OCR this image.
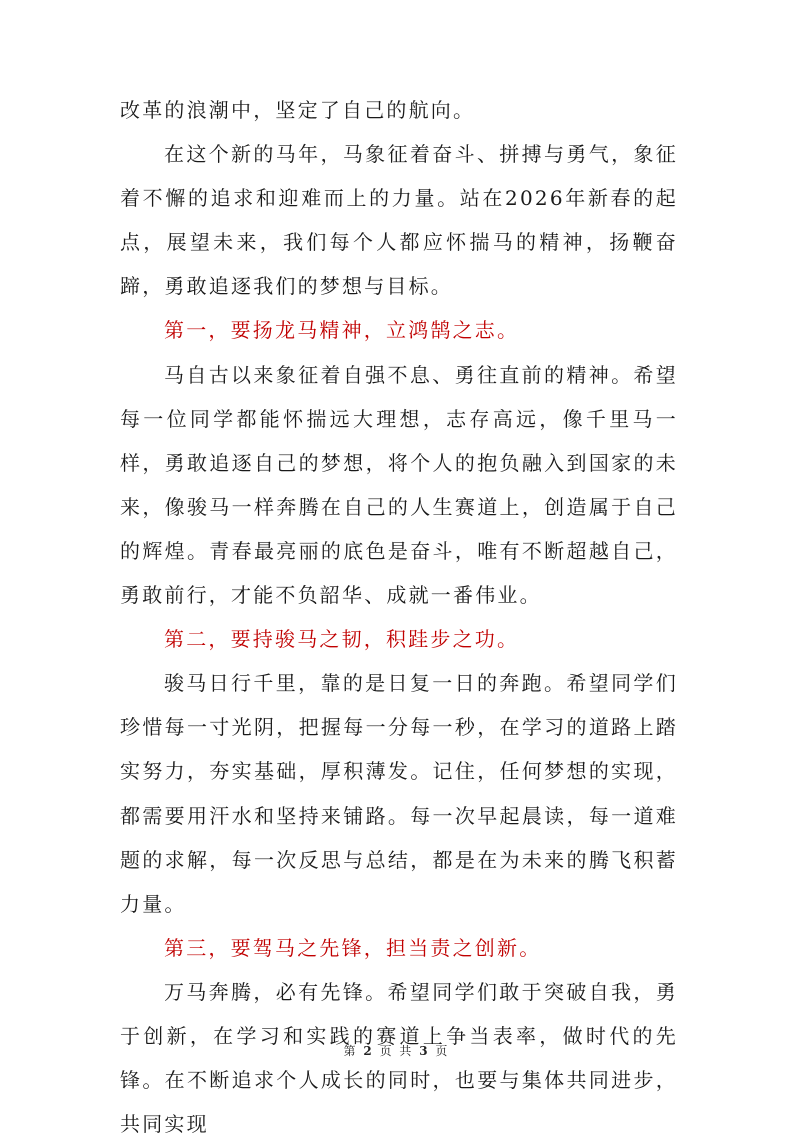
改革的浪潮中，坚定了自己的航向。

在这个新的马年，马象征着奋斗、拼搏与勇气，象征着不懈的追求和迎难而上的力量。站在2026年新春的起点，展望未来，我们每个人都应怀揣马的精神，扬鞭奋蹄，勇敢追逐我们的梦想与目标。

第一，要扬龙马精神，立鸿鹄之志。

马自古以来象征着自强不息、勇往直前的精神。希望每一位同学都能怀揣远大理想，志存高远，像千里马一样，勇敢追逐自己的梦想，将个人的抱负融入到国家的未来，像骏马一样奔腾在自己的人生赛道上，创造属于自己的辉煌。青春最亮丽的底色是奋斗，唯有不断超越自己，勇敢前行，才能不负韶华、成就一番伟业。

第二，要持骏马之韧，积跬步之功。

骏马日行千里，靠的是日复一日的奔跑。希望同学们珍惜每一寸光阴，把握每一分每一秒，在学习的道路上踏实努力，夯实基础，厚积薄发。记住，任何梦想的实现，都需要用汗水和坚持来铺路。每一次早起晨读，每一道难题的求解，每一次反思与总结，都是在为未来的腾飞积蓄力量。

第三，要驾马之先锋，担当责之创新。

万马奔腾，必有先锋。希望同学们敢于突破自我，勇于创新，在学习和实践的赛道上争当表率，做时代的先锋。在不断追求个人成长的同时，也要与集体共同进步，共同实现

第 2 页 共 3 页
